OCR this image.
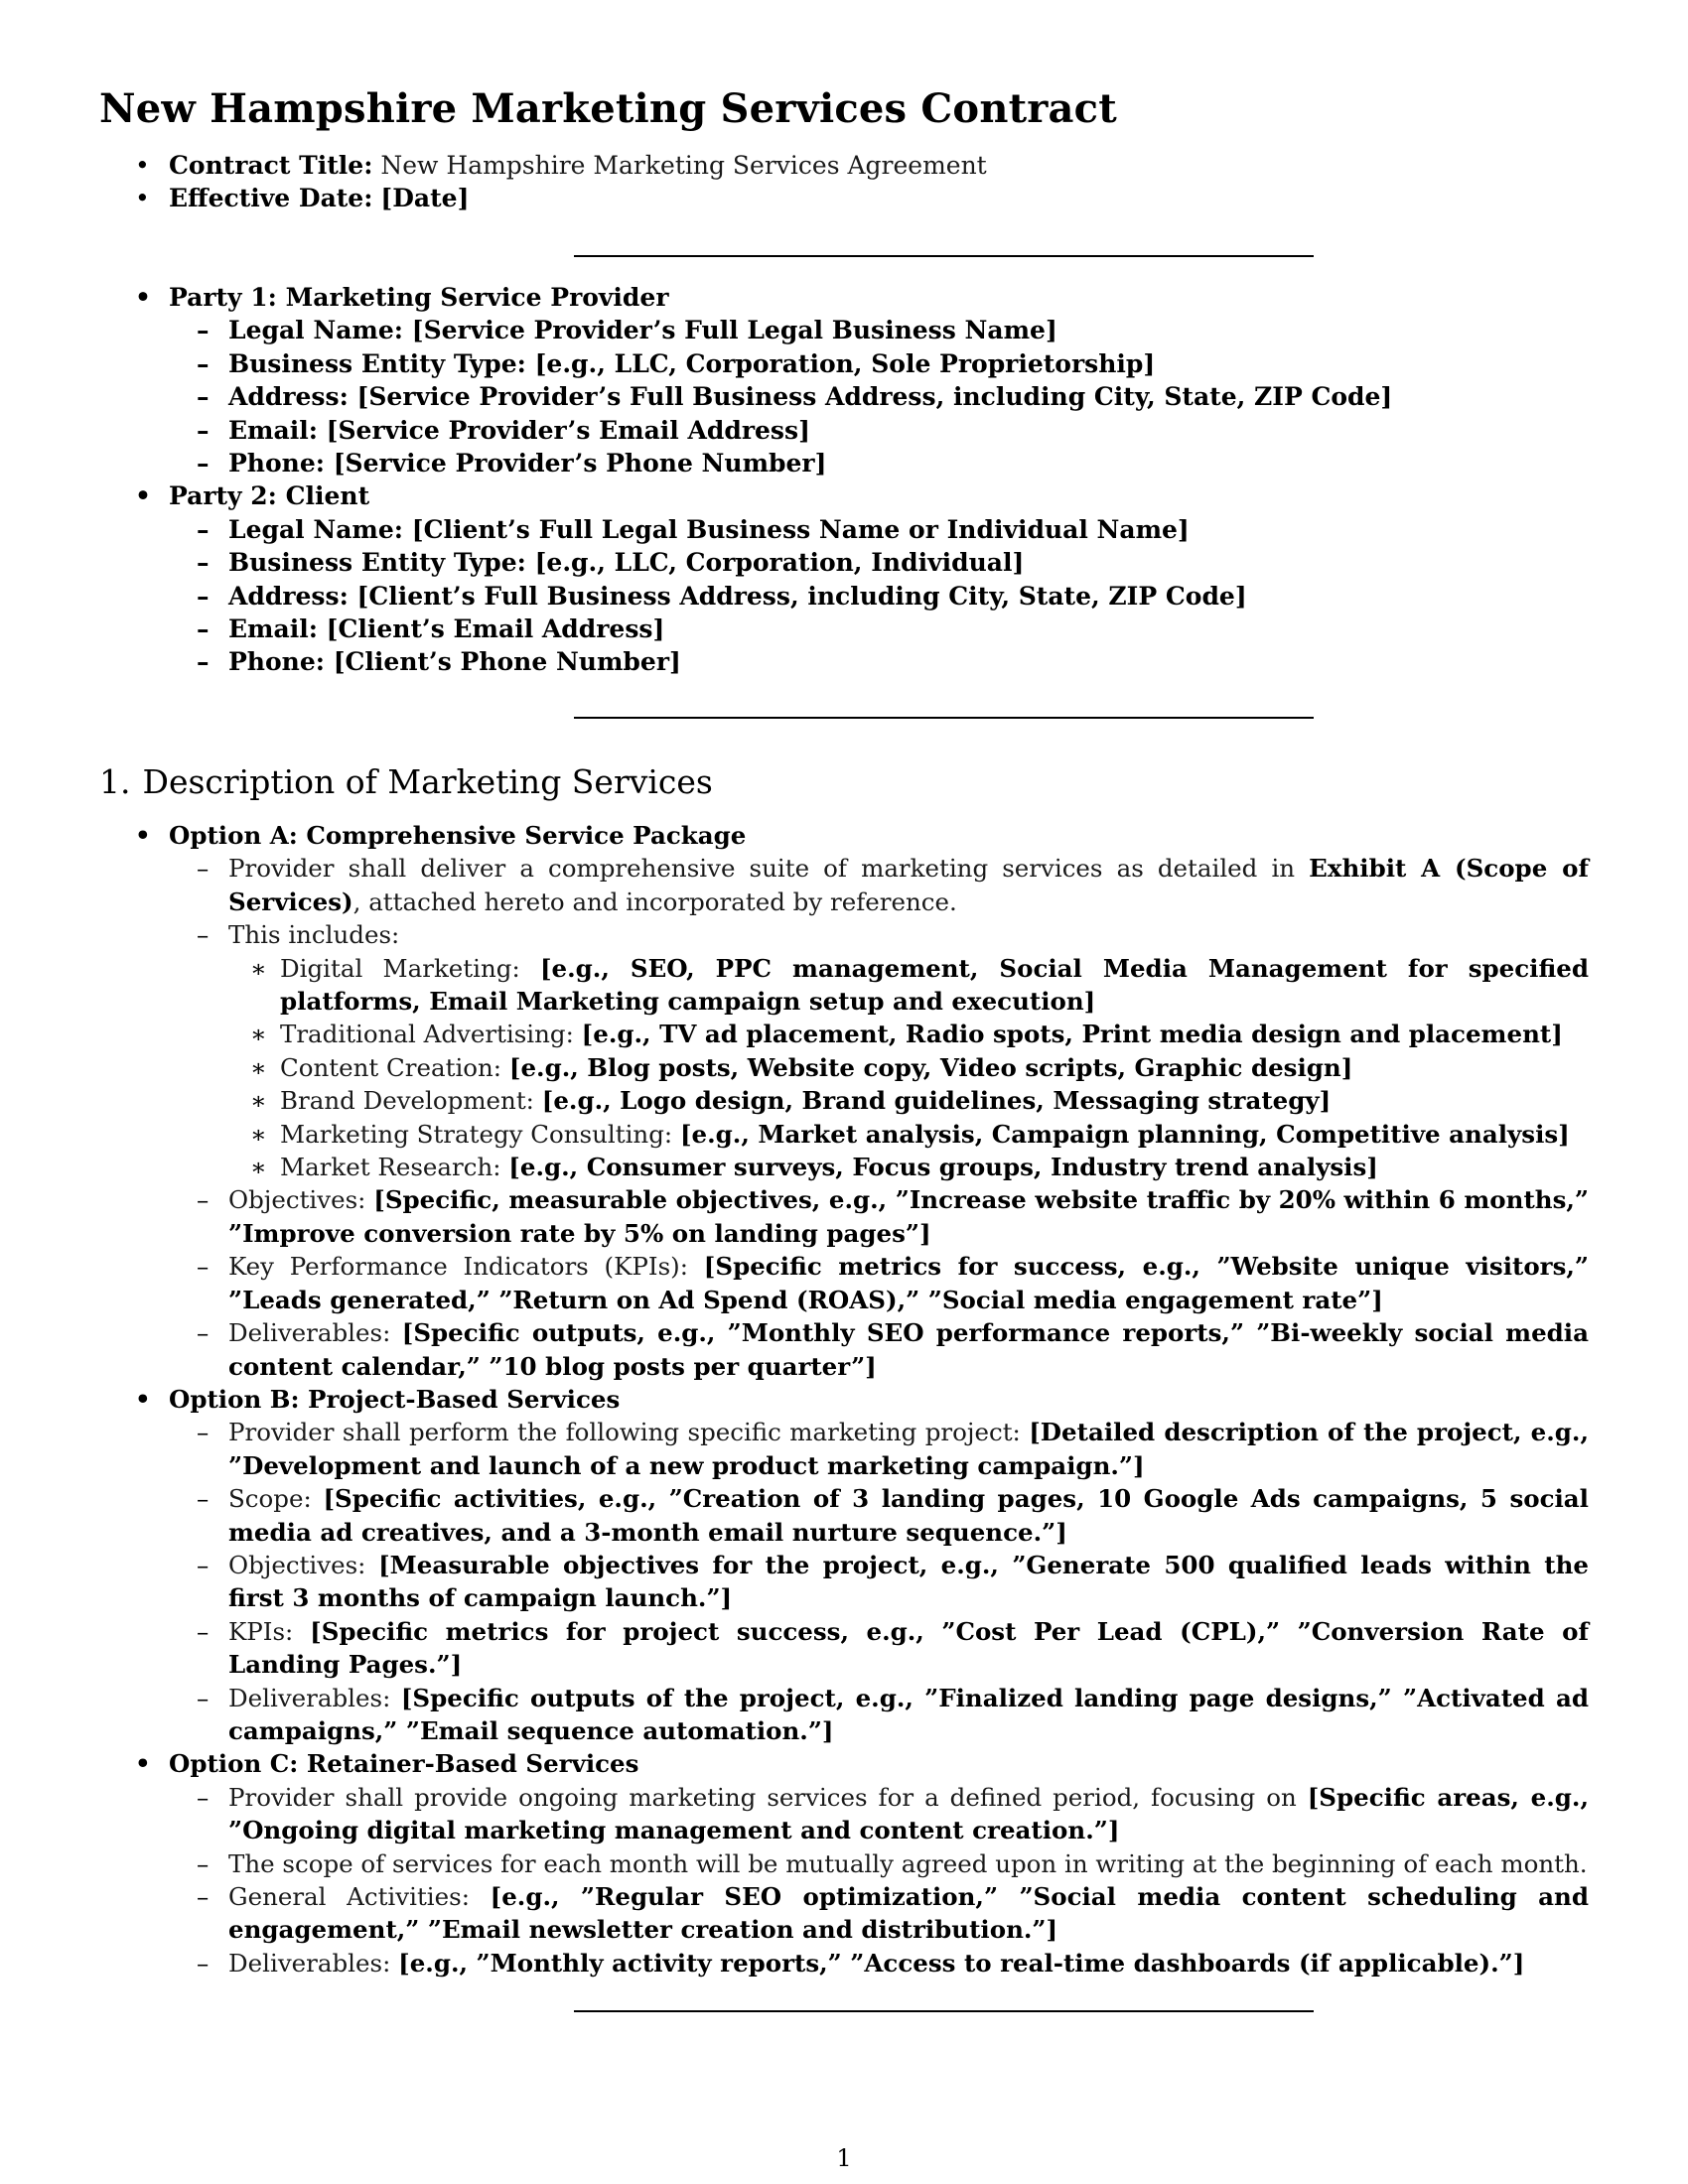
New Hampshire Marketing Services Contract
• Contract Title: New Hampshire Marketing Services Agreement
• Effective Date: [Date]
• Party 1: Marketing Service Provider
– Legal Name: [Service Provider’s Full Legal Business Name]
– Business Entity Type: [e.g., LLC, Corporation, Sole Proprietorship]
– Address: [Service Provider’s Full Business Address, including City, State, ZIP Code]
– Email: [Service Provider’s Email Address]
– Phone: [Service Provider’s Phone Number]
• Party 2: Client
– Legal Name: [Client’s Full Legal Business Name or Individual Name]
– Business Entity Type: [e.g., LLC, Corporation, Individual]
– Address: [Client’s Full Business Address, including City, State, ZIP Code]
– Email: [Client’s Email Address]
– Phone: [Client’s Phone Number]
1. Description of Marketing Services
• Option A: Comprehensive Service Package
– Provider shall deliver a comprehensive suite of marketing services as detailed in Exhibit A (Scope of Services), attached hereto and incorporated by reference.
– This includes:
∗ Digital Marketing: [e.g., SEO, PPC management, Social Media Management for specified platforms, Email Marketing campaign setup and execution]
∗ Traditional Advertising: [e.g., TV ad placement, Radio spots, Print media design and placement]
∗ Content Creation: [e.g., Blog posts, Website copy, Video scripts, Graphic design]
∗ Brand Development: [e.g., Logo design, Brand guidelines, Messaging strategy]
∗ Marketing Strategy Consulting: [e.g., Market analysis, Campaign planning, Competitive analysis]
∗ Market Research: [e.g., Consumer surveys, Focus groups, Industry trend analysis]
– Objectives: [Specific, measurable objectives, e.g., ”Increase website traffic by 20% within 6 months,” ”Improve conversion rate by 5% on landing pages”]
– Key Performance Indicators (KPIs): [Specific metrics for success, e.g., ”Website unique visitors,” ”Leads generated,” ”Return on Ad Spend (ROAS),” ”Social media engagement rate”]
– Deliverables: [Specific outputs, e.g., ”Monthly SEO performance reports,” ”Bi-weekly social media content calendar,” ”10 blog posts per quarter”]
• Option B: Project-Based Services
– Provider shall perform the following specific marketing project: [Detailed description of the project, e.g., ”Development and launch of a new product marketing campaign.”]
– Scope: [Specific activities, e.g., ”Creation of 3 landing pages, 10 Google Ads campaigns, 5 social media ad creatives, and a 3-month email nurture sequence.”]
– Objectives: [Measurable objectives for the project, e.g., ”Generate 500 qualified leads within the first 3 months of campaign launch.”]
– KPIs: [Specific metrics for project success, e.g., ”Cost Per Lead (CPL),” ”Conversion Rate of Landing Pages.”]
– Deliverables: [Specific outputs of the project, e.g., ”Finalized landing page designs,” ”Activated ad campaigns,” ”Email sequence automation.”]
• Option C: Retainer-Based Services
– Provider shall provide ongoing marketing services for a defined period, focusing on [Specific areas, e.g., ”Ongoing digital marketing management and content creation.”]
– The scope of services for each month will be mutually agreed upon in writing at the beginning of each month.
– General Activities: [e.g., ”Regular SEO optimization,” ”Social media content scheduling and engagement,” ”Email newsletter creation and distribution.”]
– Deliverables: [e.g., ”Monthly activity reports,” ”Access to real-time dashboards (if applicable).”]
1
